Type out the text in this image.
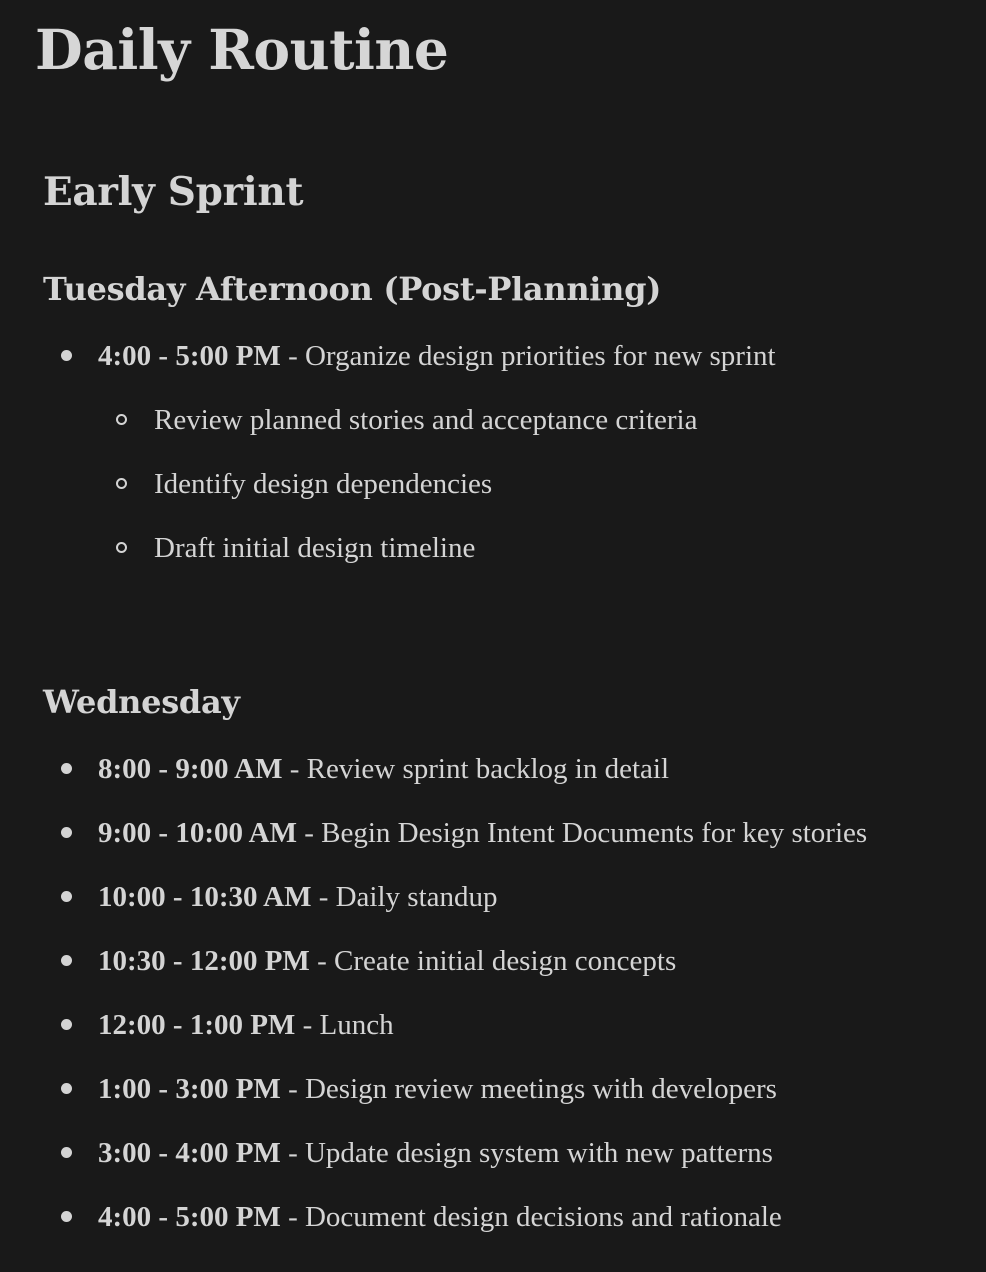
Daily Routine
Early Sprint
Tuesday Afternoon (Post-Planning)
4:00 - 5:00 PM - Organize design priorities for new sprint
Review planned stories and acceptance criteria
Identify design dependencies
Draft initial design timeline
Wednesday
8:00 - 9:00 AM - Review sprint backlog in detail
9:00 - 10:00 AM - Begin Design Intent Documents for key stories
10:00 - 10:30 AM - Daily standup
10:30 - 12:00 PM - Create initial design concepts
12:00 - 1:00 PM - Lunch
1:00 - 3:00 PM - Design review meetings with developers
3:00 - 4:00 PM - Update design system with new patterns
4:00 - 5:00 PM - Document design decisions and rationale
